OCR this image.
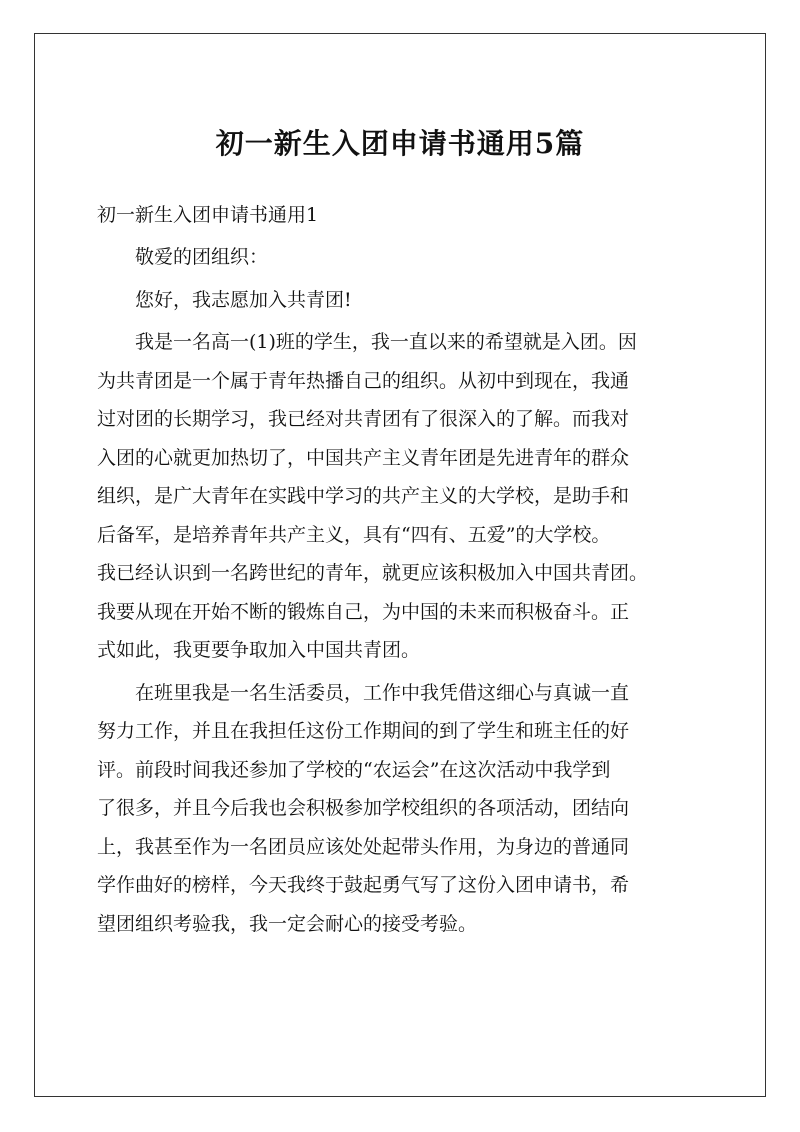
初一新生入团申请书通用5篇

初一新生入团申请书通用1

敬爱的团组织：

您好，我志愿加入共青团!

我是一名高一(1)班的学生，我一直以来的希望就是入团。因
为共青团是一个属于青年热播自己的组织。从初中到现在，我通
过对团的长期学习，我已经对共青团有了很深入的了解。而我对
入团的心就更加热切了，中国共产主义青年团是先进青年的群众
组织，是广大青年在实践中学习的共产主义的大学校，是助手和
后备军，是培养青年共产主义，具有“四有、五爱”的大学校。
我已经认识到一名跨世纪的青年，就更应该积极加入中国共青团。
我要从现在开始不断的锻炼自己，为中国的未来而积极奋斗。正
式如此，我更要争取加入中国共青团。

在班里我是一名生活委员，工作中我凭借这细心与真诚一直
努力工作，并且在我担任这份工作期间的到了学生和班主任的好
评。前段时间我还参加了学校的“农运会”在这次活动中我学到
了很多，并且今后我也会积极参加学校组织的各项活动，团结向
上，我甚至作为一名团员应该处处起带头作用，为身边的普通同
学作曲好的榜样，今天我终于鼓起勇气写了这份入团申请书，希
望团组织考验我，我一定会耐心的接受考验。
